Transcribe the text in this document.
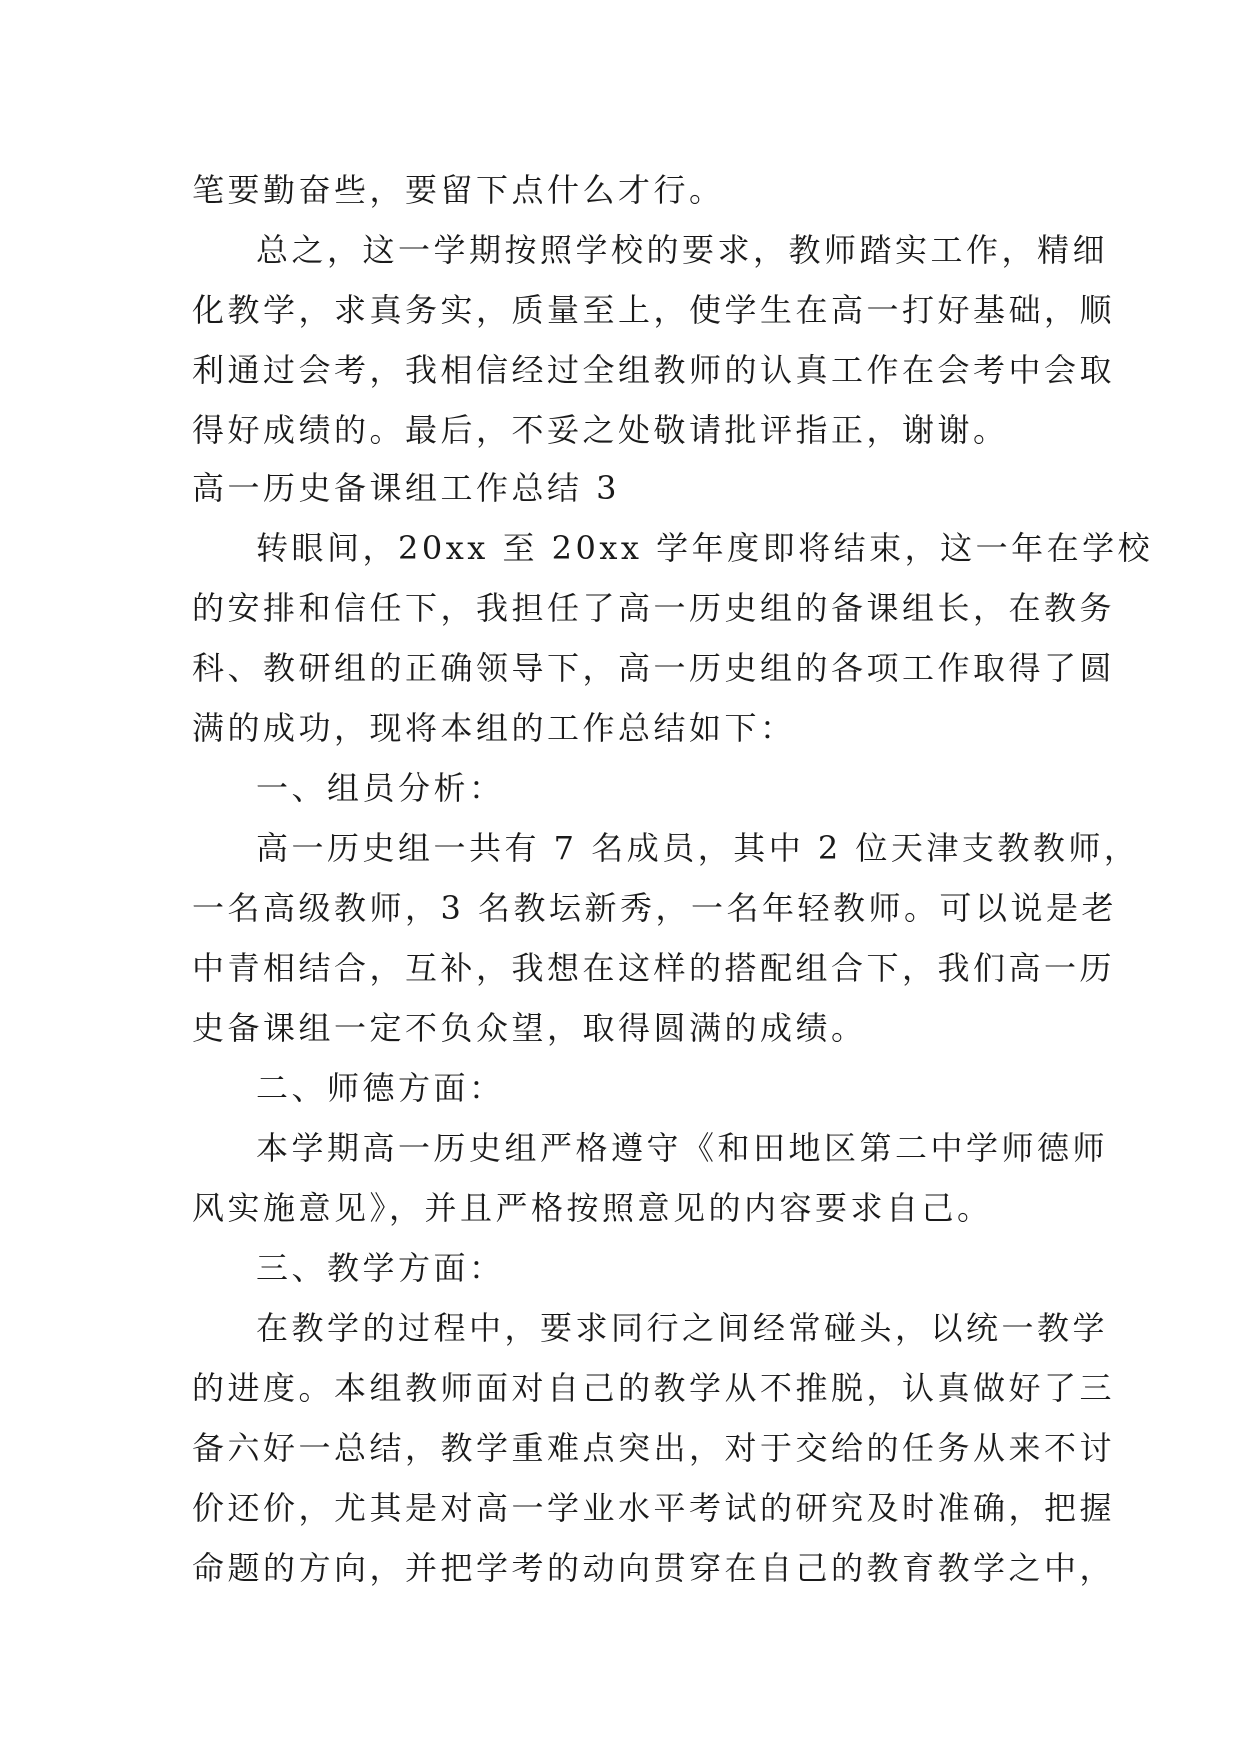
笔要勤奋些，要留下点什么才行。
总之，这一学期按照学校的要求，教师踏实工作，精细
化教学，求真务实，质量至上，使学生在高一打好基础，顺
利通过会考，我相信经过全组教师的认真工作在会考中会取
得好成绩的。最后，不妥之处敬请批评指正，谢谢。
高一历史备课组工作总结 3
转眼间，20xx 至 20xx 学年度即将结束，这一年在学校
的安排和信任下，我担任了高一历史组的备课组长，在教务
科、教研组的正确领导下，高一历史组的各项工作取得了圆
满的成功，现将本组的工作总结如下：
一、组员分析：
高一历史组一共有 7 名成员，其中 2 位天津支教教师，
一名高级教师，3 名教坛新秀，一名年轻教师。可以说是老
中青相结合，互补，我想在这样的搭配组合下，我们高一历
史备课组一定不负众望，取得圆满的成绩。
二、师德方面：
本学期高一历史组严格遵守《和田地区第二中学师德师
风实施意见》，并且严格按照意见的内容要求自己。
三、教学方面：
在教学的过程中，要求同行之间经常碰头，以统一教学
的进度。本组教师面对自己的教学从不推脱，认真做好了三
备六好一总结，教学重难点突出，对于交给的任务从来不讨
价还价，尤其是对高一学业水平考试的研究及时准确，把握
命题的方向，并把学考的动向贯穿在自己的教育教学之中，
